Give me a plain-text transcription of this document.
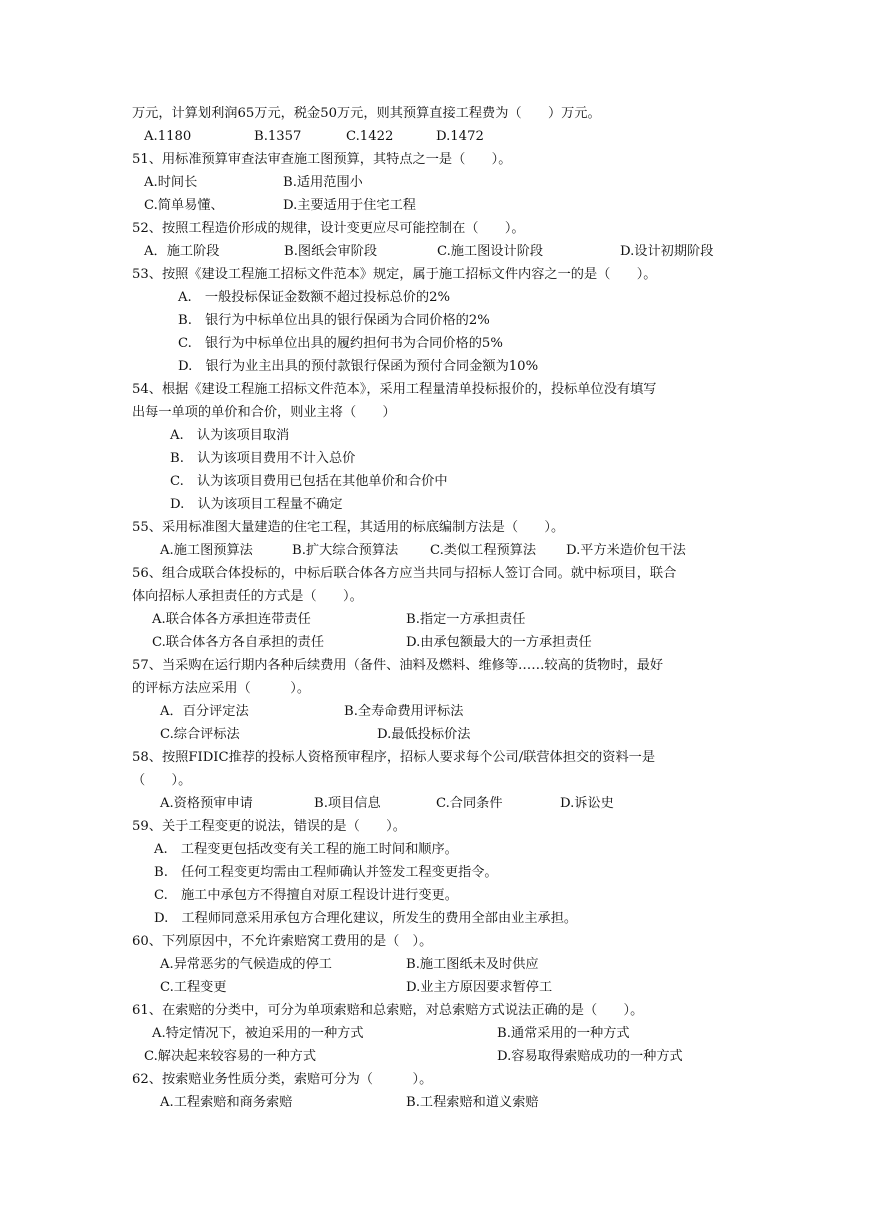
万元，计算划利润65万元，税金50万元，则其预算直接工程费为（　　）万元。
A.1180	B.1357	C.1422	D.1472
51、用标准预算审查法审查施工图预算，其特点之一是（　　）。
A.时间长	B.适用范围小
C.简单易懂、	D.主要适用于住宅工程
52、按照工程造价形成的规律，设计变更应尽可能控制在（　　）。
A．施工阶段	B.图纸会审阶段	C.施工图设计阶段	D.设计初期阶段
53、按照《建设工程施工招标文件范本》规定，属于施工招标文件内容之一的是（　　）。
A.　一般投标保证金数额不超过投标总价的2%
B.　银行为中标单位出具的银行保函为合同价格的2%
C.　银行为中标单位出具的履约担何书为合同价格的5%
D.　银行为业主出具的预付款银行保函为预付合同金额为10%
54、根据《建设工程施工招标文件范本》，采用工程量清单投标报价的，投标单位没有填写
出每一单项的单价和合价，则业主将（　　）
A.　认为该项目取消
B.　认为该项目费用不计入总价
C.　认为该项目费用已包括在其他单价和合价中
D.　认为该项目工程量不确定
55、采用标准图大量建造的住宅工程，其适用的标底编制方法是（　　）。
A.施工图预算法	B.扩大综合预算法 C.类似工程预算法 D.平方米造价包干法
56、组合成联合体投标的，中标后联合体各方应当共同与招标人签订合同。就中标项目，联合
体向招标人承担责任的方式是（　　）。
A.联合体各方承担连带责任	B.指定一方承担责任
C.联合体各方各自承担的责任	D.由承包额最大的一方承担责任
57、当采购在运行期内各种后续费用（备件、油料及燃料、维修等……较高的货物时，最好
的评标方法应采用（　　　）。
A．百分评定法	B.全寿命费用评标法
C.综合评标法	D.最低投标价法
58、按照FIDIC推荐的投标人资格预审程序，招标人要求每个公司/联营体担交的资料一是
（　　）。
A.资格预审申请	B.项目信息	C.合同条件	D.诉讼史
59、关于工程变更的说法，错误的是（　　）。
A.　工程变更包括改变有关工程的施工时间和顺序。
B.　任何工程变更均需由工程师确认并签发工程变更指令。
C.　施工中承包方不得擅自对原工程设计进行变更。
D.　工程师同意采用承包方合理化建议，所发生的费用全部由业主承担。
60、下列原因中，不允许索赔窝工费用的是（　）。
A.异常恶劣的气候造成的停工	B.施工图纸未及时供应
C.工程变更	D.业主方原因要求暂停工
61、在索赔的分类中，可分为单项索赔和总索赔，对总索赔方式说法正确的是（　　）。
A.特定情况下，被迫采用的一种方式	B.通常采用的一种方式
C.解决起来较容易的一种方式	D.容易取得索赔成功的一种方式
62、按索赔业务性质分类，索赔可分为（　　　）。
A.工程索赔和商务索赔	B.工程索赔和道义索赔
